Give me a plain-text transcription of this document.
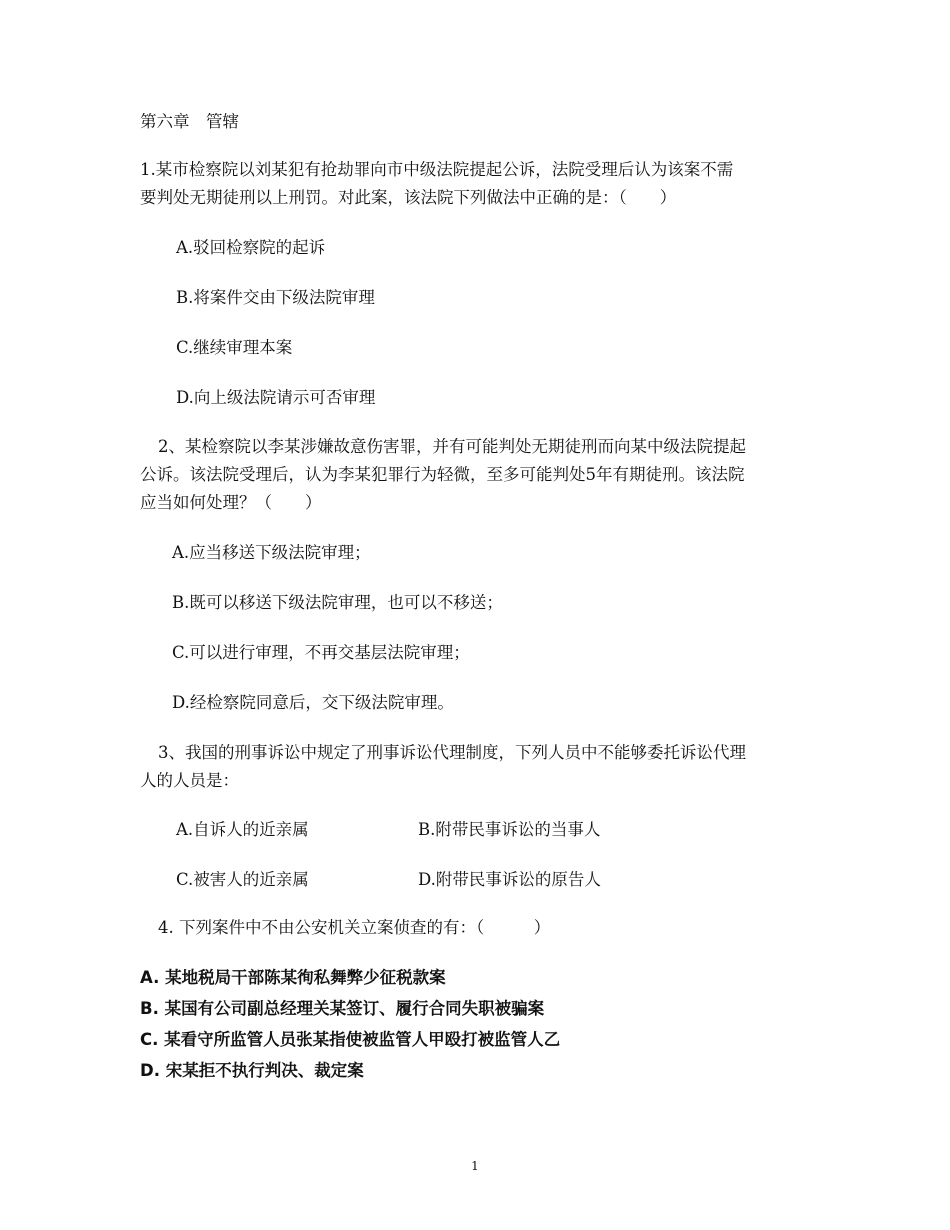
第六章　管辖
1.某市检察院以刘某犯有抢劫罪向市中级法院提起公诉，法院受理后认为该案不需
要判处无期徒刑以上刑罚。对此案，该法院下列做法中正确的是：（　　）
A.驳回检察院的起诉
B.将案件交由下级法院审理
C.继续审理本案
D.向上级法院请示可否审理
2、某检察院以李某涉嫌故意伤害罪，并有可能判处无期徒刑而向某中级法院提起
公诉。该法院受理后，认为李某犯罪行为轻微，至多可能判处5年有期徒刑。该法院
应当如何处理？（　　）
A.应当移送下级法院审理；
B.既可以移送下级法院审理，也可以不移送；
C.可以进行审理，不再交基层法院审理；
D.经检察院同意后，交下级法院审理。
3、我国的刑事诉讼中规定了刑事诉讼代理制度，下列人员中不能够委托诉讼代理
人的人员是：
A.自诉人的近亲属	B.附带民事诉讼的当事人
C.被害人的近亲属	D.附带民事诉讼的原告人
4. 下列案件中不由公安机关立案侦查的有：（　　　）
A. 某地税局干部陈某徇私舞弊少征税款案
B. 某国有公司副总经理关某签订、履行合同失职被骗案
C. 某看守所监管人员张某指使被监管人甲殴打被监管人乙
D. 宋某拒不执行判决、裁定案
1
